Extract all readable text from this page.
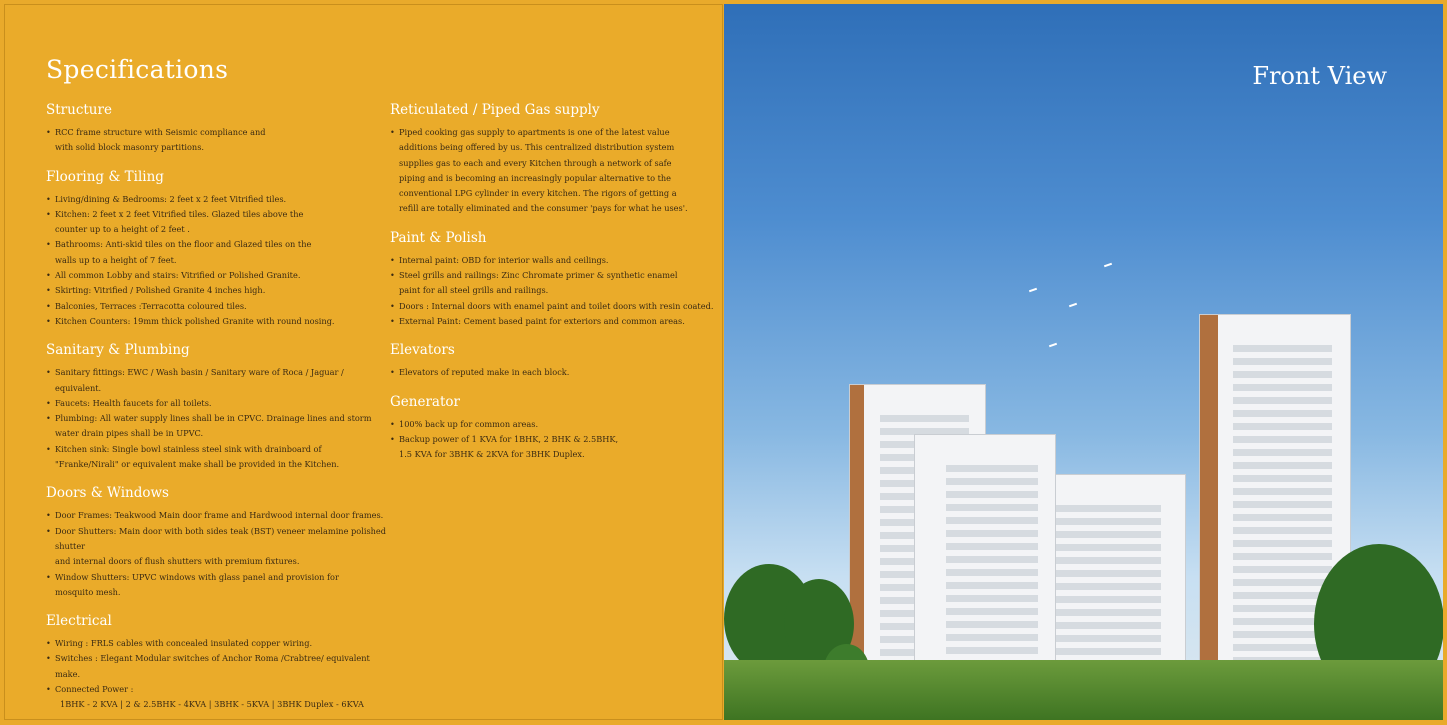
Specifications
Structure
• RCC frame structure with Seismic compliance and
with solid block masonry partitions.
Flooring & Tiling
• Living/dining & Bedrooms: 2 feet x 2 feet Vitrified tiles.
• Kitchen: 2 feet x 2 feet Vitrified tiles. Glazed tiles above the
counter up to a height of 2 feet .
• Bathrooms: Anti-skid tiles on the floor and Glazed tiles on the
walls up to a height of 7 feet.
• All common Lobby and stairs: Vitrified or Polished Granite.
• Skirting: Vitrified / Polished Granite 4 inches high.
• Balconies, Terraces :Terracotta coloured tiles.
• Kitchen Counters: 19mm thick polished Granite with round nosing.
Sanitary & Plumbing
• Sanitary fittings: EWC / Wash basin / Sanitary ware of Roca / Jaguar / equivalent.
• Faucets: Health faucets for all toilets.
• Plumbing: All water supply lines shall be in CPVC. Drainage lines and storm
water drain pipes shall be in UPVC.
• Kitchen sink: Single bowl stainless steel sink with drainboard of
"Franke/Nirali" or equivalent make shall be provided in the Kitchen.
Doors & Windows
• Door Frames: Teakwood Main door frame and Hardwood internal door frames.
• Door Shutters: Main door with both sides teak (BST) veneer melamine polished shutter
and internal doors of flush shutters with premium fixtures.
• Window Shutters: UPVC windows with glass panel and provision for
mosquito mesh.
Electrical
• Wiring : FRLS cables with concealed insulated copper wiring.
• Switches : Elegant Modular switches of Anchor Roma /Crabtree/ equivalent make.
• Connected Power :
1BHK - 2 KVA | 2 & 2.5BHK - 4KVA | 3BHK - 5KVA | 3BHK Duplex - 6KVA
Reticulated / Piped Gas supply
• Piped cooking gas supply to apartments is one of the latest value
additions being offered by us. This centralized distribution system
supplies gas to each and every Kitchen through a network of safe
piping and is becoming an increasingly popular alternative to the
conventional LPG cylinder in every kitchen. The rigors of getting a
refill are totally eliminated and the consumer 'pays for what he uses'.
Paint & Polish
• Internal paint: OBD for interior walls and ceilings.
• Steel grills and railings: Zinc Chromate primer & synthetic enamel
paint for all steel grills and railings.
• Doors : Internal doors with enamel paint and toilet doors with resin coated.
• External Paint: Cement based paint for exteriors and common areas.
Elevators
• Elevators of reputed make in each block.
Generator
• 100% back up for common areas.
• Backup power of 1 KVA for 1BHK, 2 BHK & 2.5BHK,
1.5 KVA for 3BHK & 2KVA for 3BHK Duplex.
Front View
